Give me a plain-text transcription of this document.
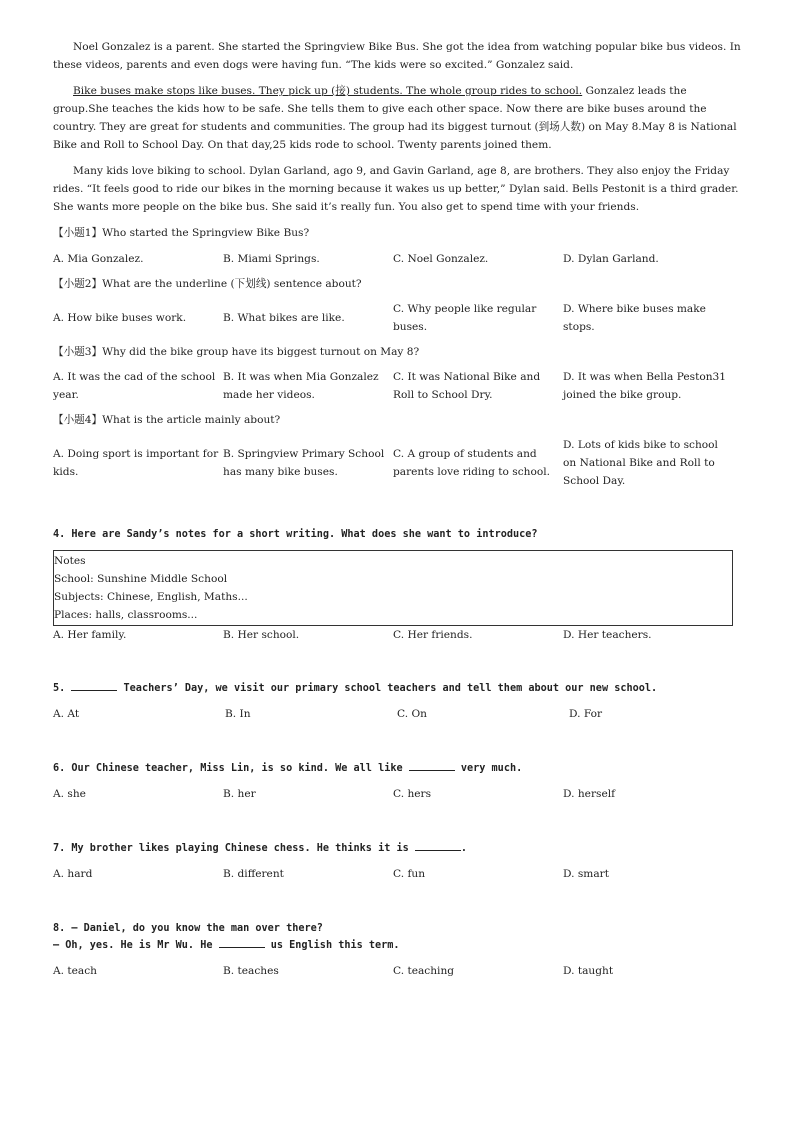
Noel Gonzalez is a parent. She started the Springview Bike Bus. She got the idea from watching popular bike bus videos. In these videos, parents and even dogs were having fun. “The kids were so excited.” Gonzalez said.

Bike buses make stops like buses. They pick up (接) students. The whole group rides to school. Gonzalez leads the group.She teaches the kids how to be safe. She tells them to give each other space. Now there are bike buses around the country. They are great for students and communities. The group had its biggest turnout (到场人数) on May 8.May 8 is National Bike and Roll to School Day. On that day,25 kids rode to school. Twenty parents joined them.

Many kids love biking to school. Dylan Garland, ago 9, and Gavin Garland, age 8, are brothers. They also enjoy the Friday rides. “It feels good to ride our bikes in the morning because it wakes us up better,” Dylan said. Bells Pestonit is a third grader. She wants more people on the bike bus. She said it’s really fun. You also get to spend time with your friends.

【小题1】Who started the Springview Bike Bus?

A. Mia Gonzalez.	B. Miami Springs.	C. Noel Gonzalez.	D. Dylan Garland.

【小题2】What are the underline (下划线) sentence about?

A. How bike buses work.	B. What bikes are like.
C. Why people like regular buses.
D. Where bike buses make stops.

【小题3】Why did the bike group have its biggest turnout on May 8?

A. It was the cad of the school year.
B. It was when Mia Gonzalez made her videos.
C. It was National Bike and Roll to School Dry.
D. It was when Bella Peston31 joined the bike group.

【小题4】What is the article mainly about?

A. Doing sport is important for kids.
B. Springview Primary School has many bike buses.
C. A group of students and parents love riding to school.
D. Lots of kids bike to school on National Bike and Roll to School Day.

4. Here are Sandy’s notes for a short writing. What does she want to introduce?

Notes
School: Sunshine Middle School
Subjects: Chinese, English, Maths...
Places: halls, classrooms...
A. Her family.	B. Her school.	C. Her friends.	D. Her teachers.

5.	Teachers’ Day, we visit our primary school teachers and tell them about our new school.

A. At	B. In	C. On	D. For

6. Our Chinese teacher, Miss Lin, is so kind. We all like	very much.

A. she	B. her	C. hers	D. herself

7. My brother likes playing Chinese chess. He thinks it is	.

A. hard	B. different	C. fun	D. smart

8. — Daniel, do you know the man over there?

— Oh, yes. He is Mr Wu. He	us English this term.

A. teach	B. teaches	C. teaching	D. taught
